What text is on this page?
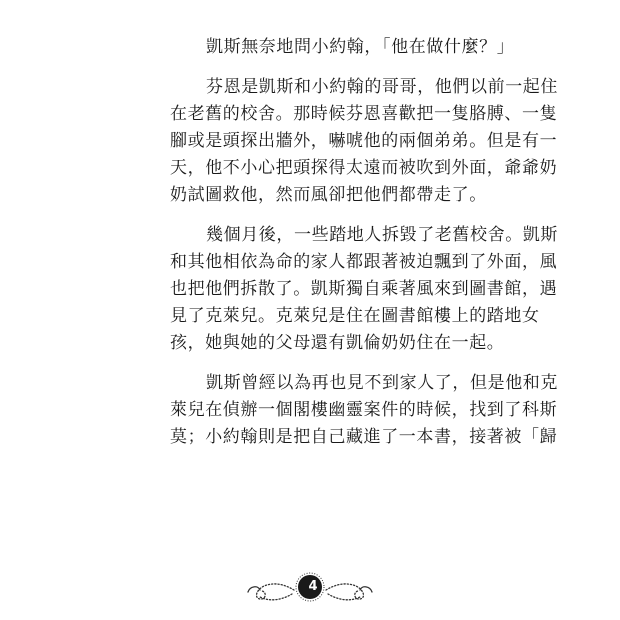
凱斯無奈地問小約翰，「他在做什麼？」
芬恩是凱斯和小約翰的哥哥，他們以前一起住
在老舊的校舍。那時候芬恩喜歡把一隻胳膊、一隻
腳或是頭探出牆外，嚇唬他的兩個弟弟。但是有一
天，他不小心把頭探得太遠而被吹到外面，爺爺奶
奶試圖救他，然而風卻把他們都帶走了。
幾個月後，一些踏地人拆毀了老舊校舍。凱斯
和其他相依為命的家人都跟著被迫飄到了外面，風
也把他們拆散了。凱斯獨自乘著風來到圖書館，遇
見了克萊兒。克萊兒是住在圖書館樓上的踏地女
孩，她與她的父母還有凱倫奶奶住在一起。
凱斯曾經以為再也見不到家人了，但是他和克
萊兒在偵辦一個閣樓幽靈案件的時候，找到了科斯
莫；小約翰則是把自己藏進了一本書，接著被「歸
4
